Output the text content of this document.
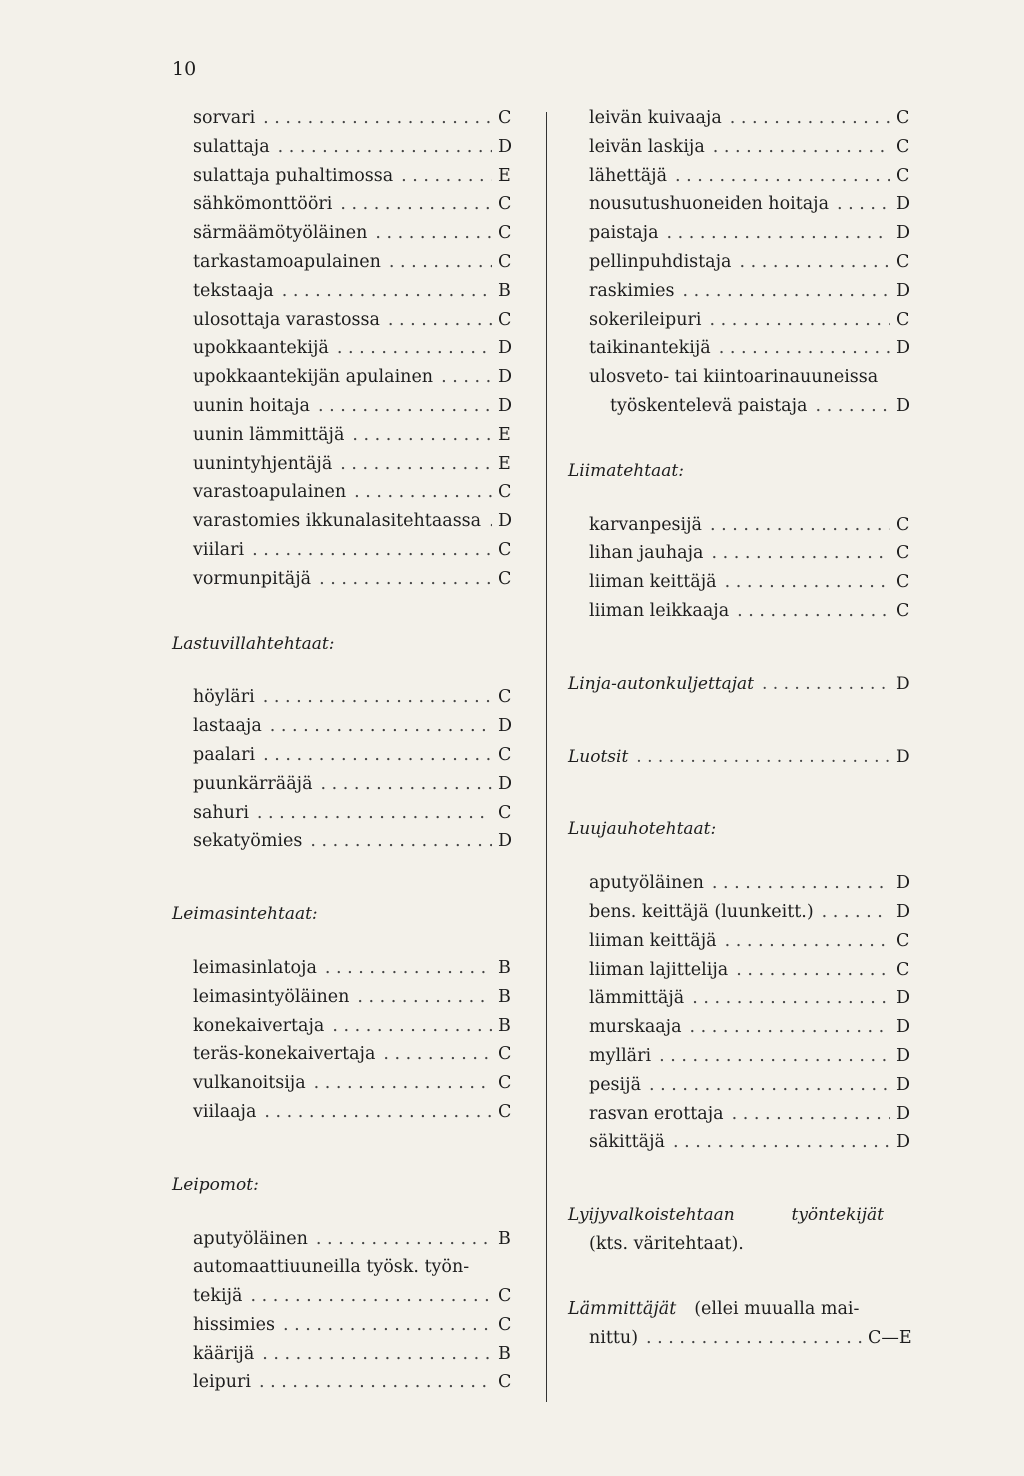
10
sorvari . . .	C
sulattaja . . .	D
sulattaja puhaltimossa . . .	E
sähkömonttööri . . .	C
särmäämötyöläinen . . .	C
tarkastamoapulainen . . .	C
tekstaaja . . .	B
ulosottaja varastossa . . .	C
upokkaantekijä . . .	D
upokkaantekijän apulainen . . .	D
uunin hoitaja . . .	D
uunin lämmittäjä . . .	E
uunintyhjentäjä . . .	E
varastoapulainen . . .	C
varastomies ikkunalasitehtaassa . . . D
viilari . . .	C
vormunpitäjä . . .	C
Lastuvillahtehtaat:
höyläri . . .	C
lastaaja . . .	D
paalari . . .	C
puunkärrääjä . . .	D
sahuri . . .	C
sekatyömies . . .	D
Leimasintehtaat:
leimasinlatoja . . .	B
leimasintyöläinen . . .	B
konekaivertaja . . .	B
teräs-konekaivertaja . . .	C
vulkanoitsija . . .	C
viilaaja . . .	C
Leipomot:
aputyöläinen . . .	B
automaattiuuneilla työsk. työn-
tekijä . . .	C
hissimies . . .	C
käärijä . . .	B
leipuri . . .	C
leivän kuivaaja . . .	C
leivän laskija . . .	C
lähettäjä . . .	C
nousutushuoneiden hoitaja . . .	D
paistaja . . .	D
pellinpuhdistaja . . .	C
raskimies . . .	D
sokerileipuri . . .	C
taikinantekijä . . .	D
ulosveto- tai kiintoarinauuneissa
työskentelevä paistaja . . .	D
Liimatehtaat:
karvanpesijä . . .	C
lihan jauhaja . . .	C
liiman keittäjä . . .	C
liiman leikkaaja . . .	C
Linja-autonkuljettajat . . .	D
Luotsit . . .	D
Luujauhotehtaat:
aputyöläinen . . .	D
bens. keittäjä (luunkeitt.) . . .	D
liiman keittäjä . . .	C
liiman lajittelija . . .	C
lämmittäjä . . .	D
murskaaja . . .	D
mylläri . . .	D
pesijä . . .	D
rasvan erottaja . . .	D
säkittäjä . . .	D
Lyijyvalkoistehtaan	työntekijät
(kts. väritehtaat).
Lämmittäjät (ellei muualla mai-
nittu) . . .	C—E
